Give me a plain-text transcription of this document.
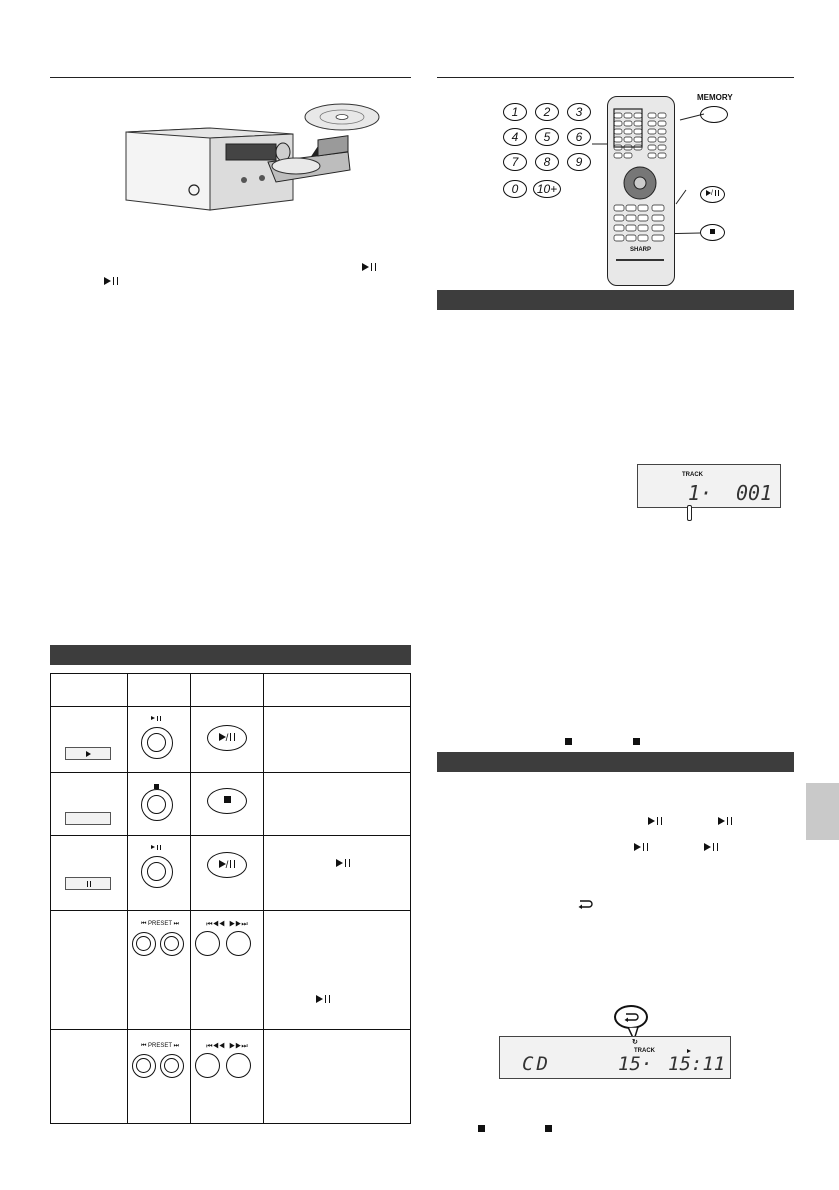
/
/
⏮ PRESET ⏭	⏮◀◀  ▶▶⏭
⏮ PRESET ⏭	⏮◀◀  ▶▶⏭
1	2	3
4	5	6
7	8	9
0	10+
SHARP
MEMORY
/
TRACK
1· 001
↻
TRACK
CD	15· 15:11
